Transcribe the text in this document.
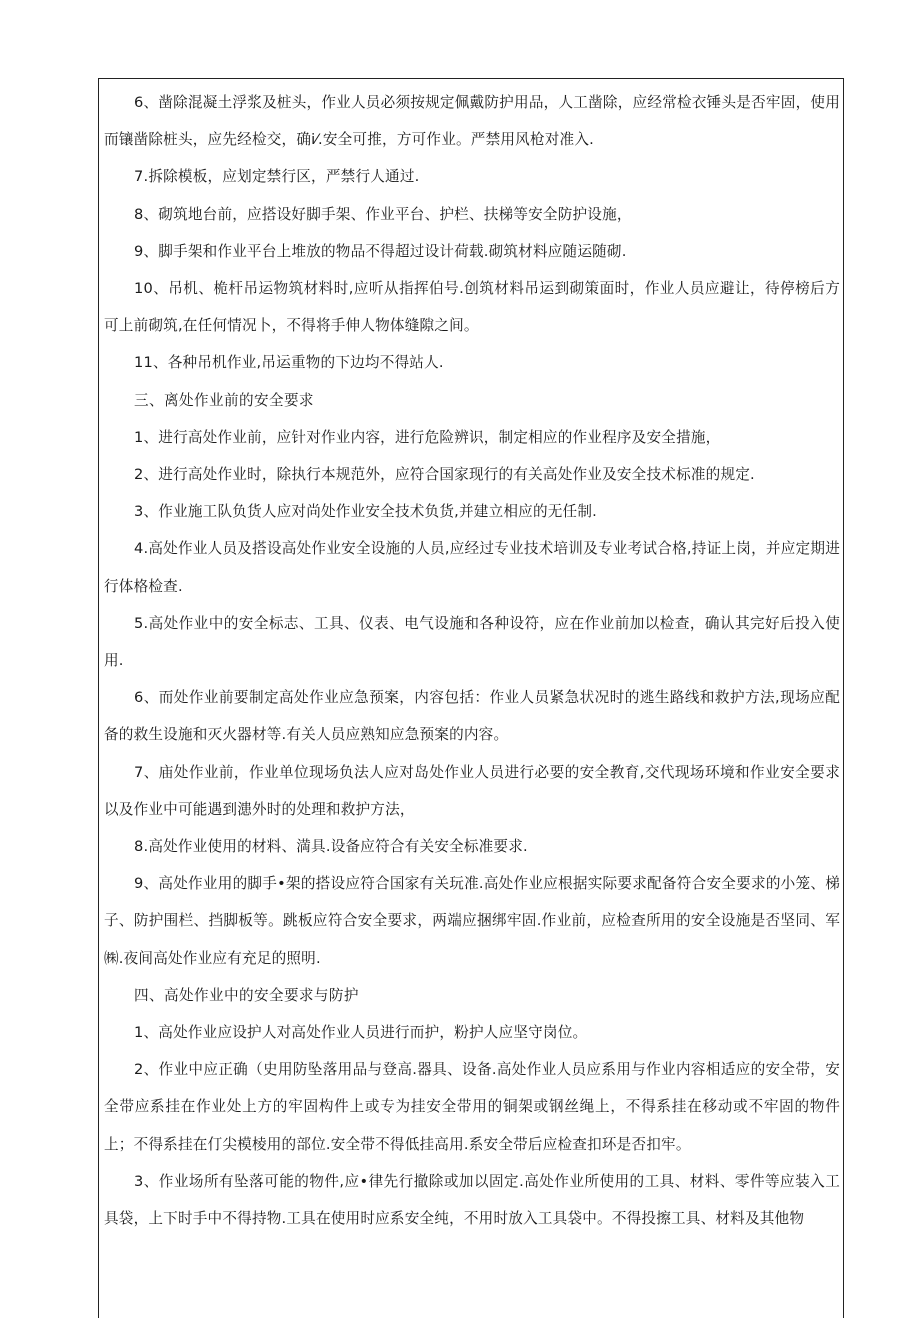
6、凿除混凝土浮浆及桩头，作业人员必须按规定佩戴防护用品，人工凿除，应经常检衣锤头是否牢固，使用而镶凿除桩头，应先经检交，确i⁄.安全可推，方可作业。严禁用风枪对准入.

7.拆除模板，应划定禁行区，严禁行人通过.

8、砌筑地台前，应搭设好脚手架、作业平台、护栏、扶梯等安全防护设施，

9、脚手架和作业平台上堆放的物品不得超过设计荷载.砌筑材料应随运随砌.

10、吊机、桅杆吊运物筑材料时,应听从指挥伯号.创筑材料吊运到砌策面时，作业人员应避让，待停榜后方可上前砌筑,在任何情况卜，不得将手伸人物体缝隙之间。

11、各种吊机作业,吊运重物的下边均不得站人.

三、离处作业前的安全要求

1、进行高处作业前，应针对作业内容，进行危险辨识，制定相应的作业程序及安全措施，

2、进行高处作业时，除执行本规范外，应符合国家现行的有关高处作业及安全技术标准的规定.

3、作业施工队负货人应对尚处作业安全技术负货,并建立相应的无任制.

4.高处作业人员及搭设高处作业安全设施的人员,应经过专业技术培训及专业考试合格,持证上岗，并应定期进行体格检查.

5.高处作业中的安全标志、工具、仪表、电气设施和各种设符，应在作业前加以检查，确认其完好后投入使用.

6、而处作业前要制定高处作业应急预案，内容包括：作业人员紧急状况时的逃生路线和救护方法,现场应配备的救生设施和灭火器材等.有关人员应熟知应急预案的内容。

7、庙处作业前，作业单位现场负法人应对岛处作业人员进行必要的安全教育,交代现场环境和作业安全要求以及作业中可能遇到漶外时的处理和救护方法，

8.高处作业使用的材料、満具.设备应符合有关安全标准要求.

9、高处作业用的脚手•架的搭设应符合国家有关玩准.高处作业应根据实际要求配备符合安全要求的小笼、梯子、防护围栏、挡脚板等。跳板应符合安全要求，两端应捆绑牢固.作业前，应检查所用的安全设施是否坚同、军㈱.夜间高处作业应有充足的照明.

四、高处作业中的安全要求与防护

1、高处作业应设护人对高处作业人员进行而护，粉护人应坚守岗位。

2、作业中应正确（史用防坠落用品与登高.器具、设备.高处作业人员应系用与作业内容相适应的安全带，安全带应系挂在作业处上方的牢固构件上或专为挂安全带用的铜架或钢丝绳上，不得系挂在移动或不牢固的物件上；不得系挂在仃尖模棱用的部位.安全带不得低挂高用.系安全带后应检查扣环是否扣牢。

3、作业场所有坠落可能的物件,应•律先行撤除或加以固定.高处作业所使用的工具、材料、零件等应装入工具袋，上下时手中不得持物.工具在使用时应系安全纯，不用时放入工具袋中。不得投擦工具、材料及其他物
